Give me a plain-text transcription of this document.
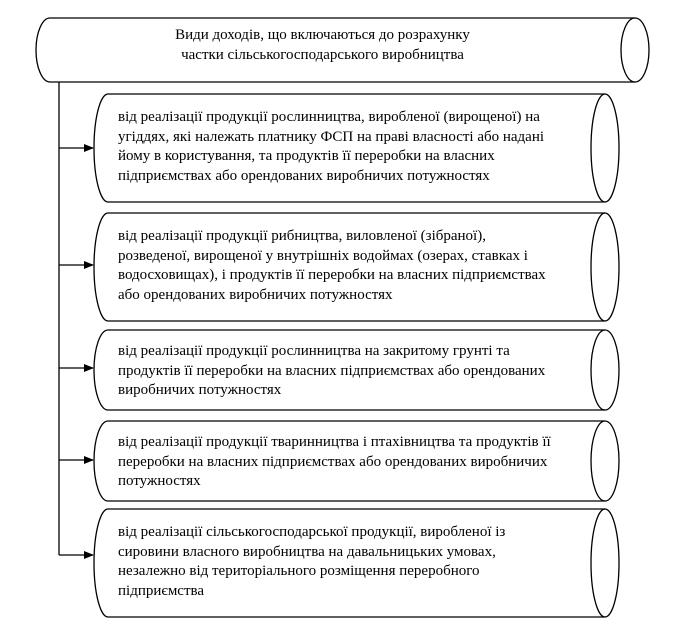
Види доходів, що включаються до розрахунку
частки сільськогосподарського виробництва
від реалізації продукції рослинництва, виробленої (вирощеної) на
угіддях, які належать платнику ФСП на праві власності або надані
йому в користування, та продуктів її переробки на власних
підприємствах або орендованих виробничих потужностях
від реалізації продукції рибництва, виловленої (зібраної),
розведеної, вирощеної у внутрішніх водоймах (озерах, ставках і
водосховищах), і продуктів її переробки на власних підприємствах
або орендованих виробничих потужностях
від реалізації продукції рослинництва на закритому грунті та
продуктів її переробки на власних підприємствах або орендованих
виробничих потужностях
від реалізації продукції тваринництва і птахівництва та продуктів її
переробки на власних підприємствах або орендованих виробничих
потужностях
від реалізації сільськогосподарської продукції, виробленої із
сировини власного виробництва на давальницьких умовах,
незалежно від територіального розміщення переробного
підприємства
